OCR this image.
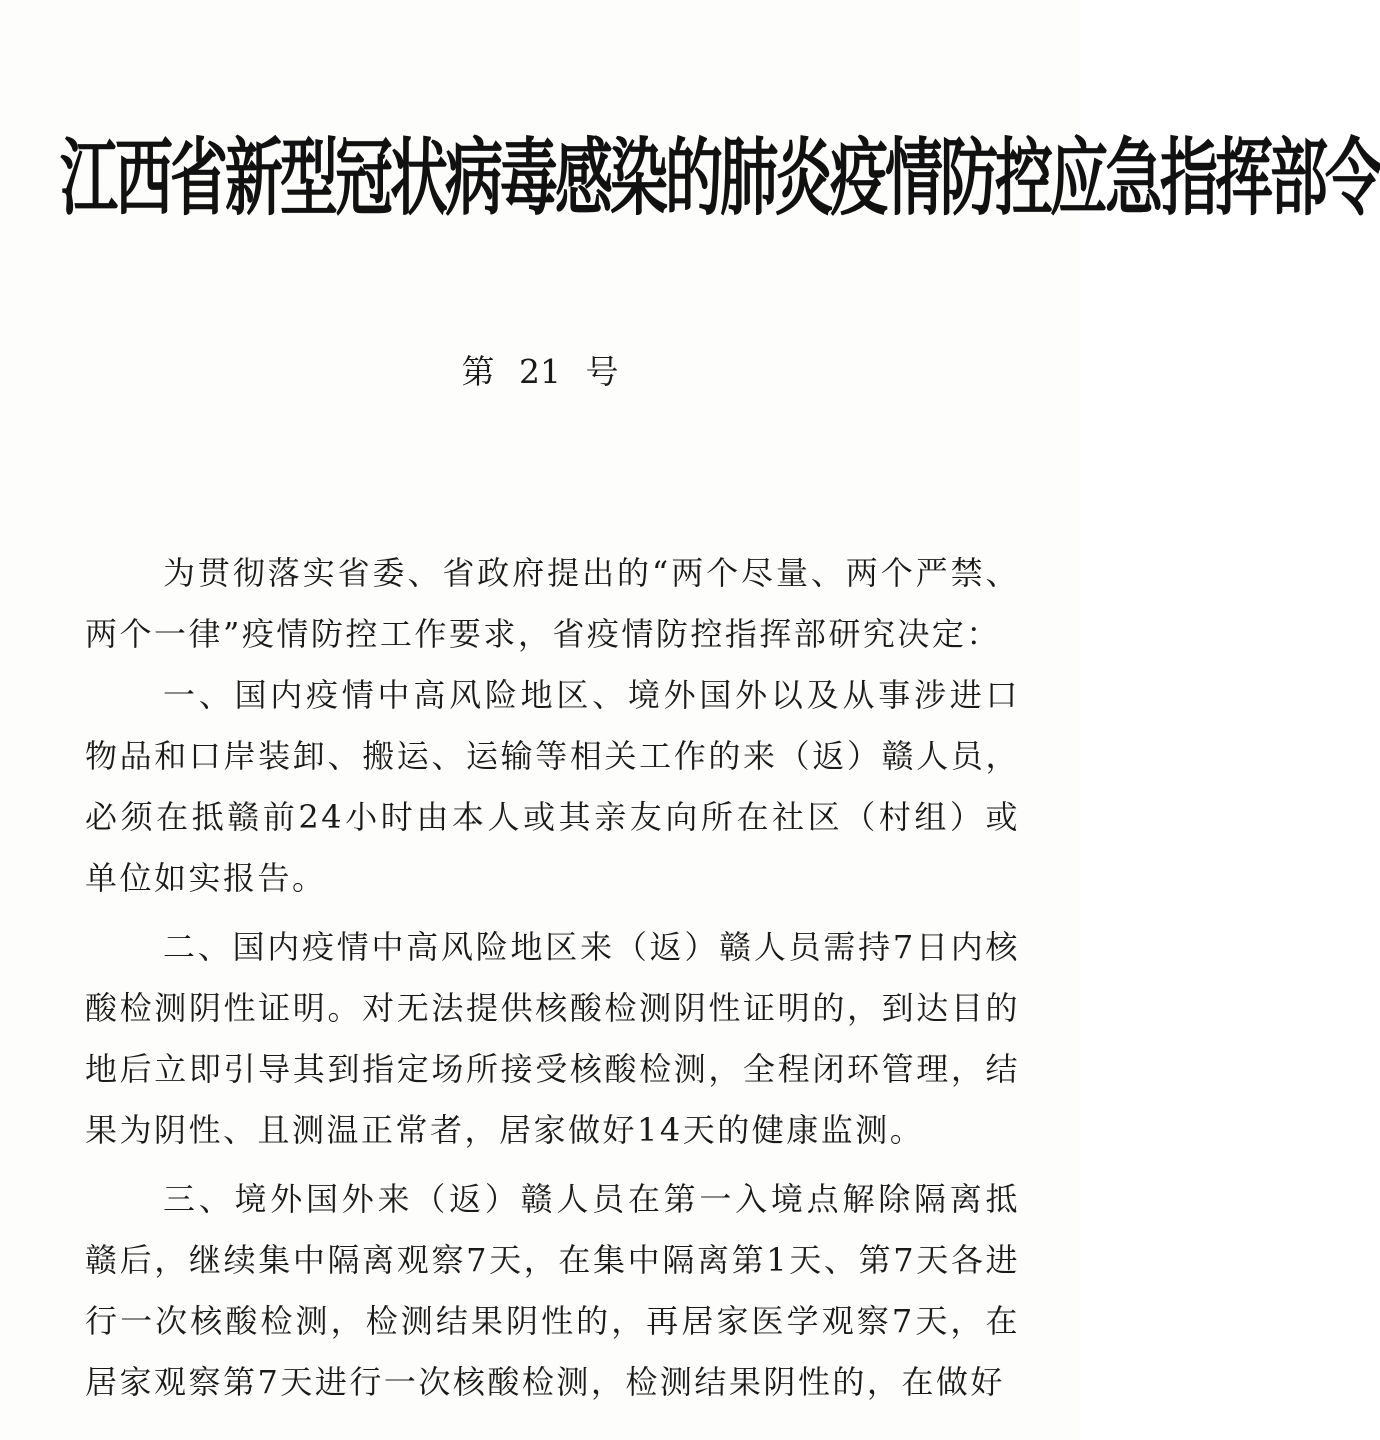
江西省新型冠状病毒感染的肺炎疫情防控应急指挥部令
第 21 号

为贯彻落实省委、省政府提出的“两个尽量、两个严禁、两个一律”疫情防控工作要求，省疫情防控指挥部研究决定：

一、国内疫情中高风险地区、境外国外以及从事涉进口物品和口岸装卸、搬运、运输等相关工作的来（返）赣人员，必须在抵赣前24小时由本人或其亲友向所在社区（村组）或单位如实报告。

二、国内疫情中高风险地区来（返）赣人员需持7日内核酸检测阴性证明。对无法提供核酸检测阴性证明的，到达目的地后立即引导其到指定场所接受核酸检测，全程闭环管理，结果为阴性、且测温正常者，居家做好14天的健康监测。

三、境外国外来（返）赣人员在第一入境点解除隔离抵赣后，继续集中隔离观察7天，在集中隔离第1天、第7天各进行一次核酸检测，检测结果阴性的，再居家医学观察7天，在居家观察第7天进行一次核酸检测，检测结果阴性的，在做好
